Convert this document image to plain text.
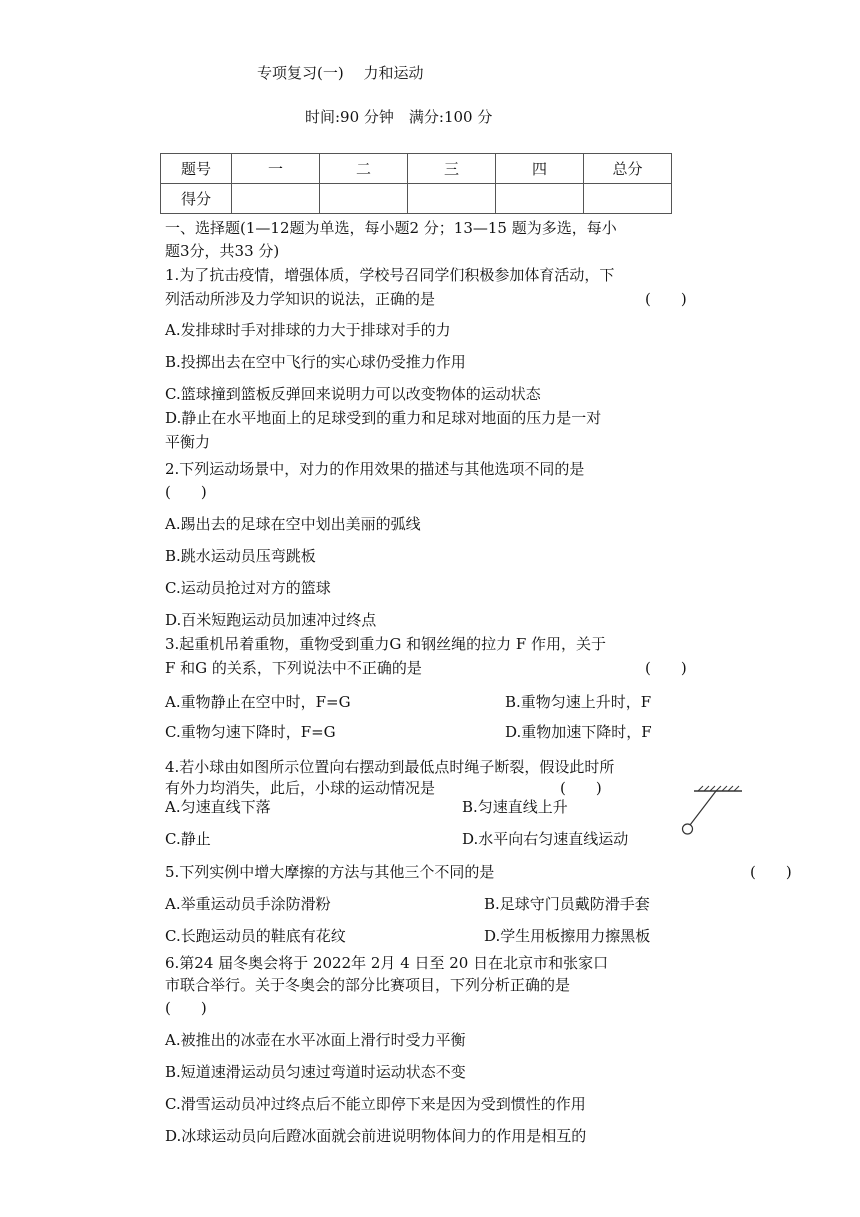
专项复习(一)　 力和运动
时间:90 分钟　满分:100 分
题号	一	二	三	四	总分
得分					
一、选择题(1—12题为单选，每小题2 分；13—15 题为多选，每小
题3分，共33 分)
1.为了抗击疫情，增强体质，学校号召同学们积极参加体育活动，下
列活动所涉及力学知识的说法，正确的是	(　　)
A.发排球时手对排球的力大于排球对手的力
B.投掷出去在空中飞行的实心球仍受推力作用
C.篮球撞到篮板反弹回来说明力可以改变物体的运动状态
D.静止在水平地面上的足球受到的重力和足球对地面的压力是一对
平衡力
2.下列运动场景中，对力的作用效果的描述与其他选项不同的是
(　　)
A.踢出去的足球在空中划出美丽的弧线
B.跳水运动员压弯跳板
C.运动员抢过对方的篮球
D.百米短跑运动员加速冲过终点
3.起重机吊着重物，重物受到重力G 和钢丝绳的拉力 F 作用，关于
F 和G 的关系，下列说法中不正确的是	(　　)
A.重物静止在空中时，F=G	B.重物匀速上升时，F
C.重物匀速下降时，F=G	D.重物加速下降时，F
4.若小球由如图所示位置向右摆动到最低点时绳子断裂，假设此时所
有外力均消失，此后，小球的运动情况是	(　　)
A.匀速直线下落	B.匀速直线上升
C.静止	D.水平向右匀速直线运动
5.下列实例中增大摩擦的方法与其他三个不同的是	(　　)
A.举重运动员手涂防滑粉	B.足球守门员戴防滑手套
C.长跑运动员的鞋底有花纹	D.学生用板擦用力擦黑板
6.第24 届冬奥会将于 2022年 2月 4 日至 20 日在北京市和张家口
市联合举行。关于冬奥会的部分比赛项目，下列分析正确的是
(　　)
A.被推出的冰壶在水平冰面上滑行时受力平衡
B.短道速滑运动员匀速过弯道时运动状态不变
C.滑雪运动员冲过终点后不能立即停下来是因为受到惯性的作用
D.冰球运动员向后蹬冰面就会前进说明物体间力的作用是相互的
